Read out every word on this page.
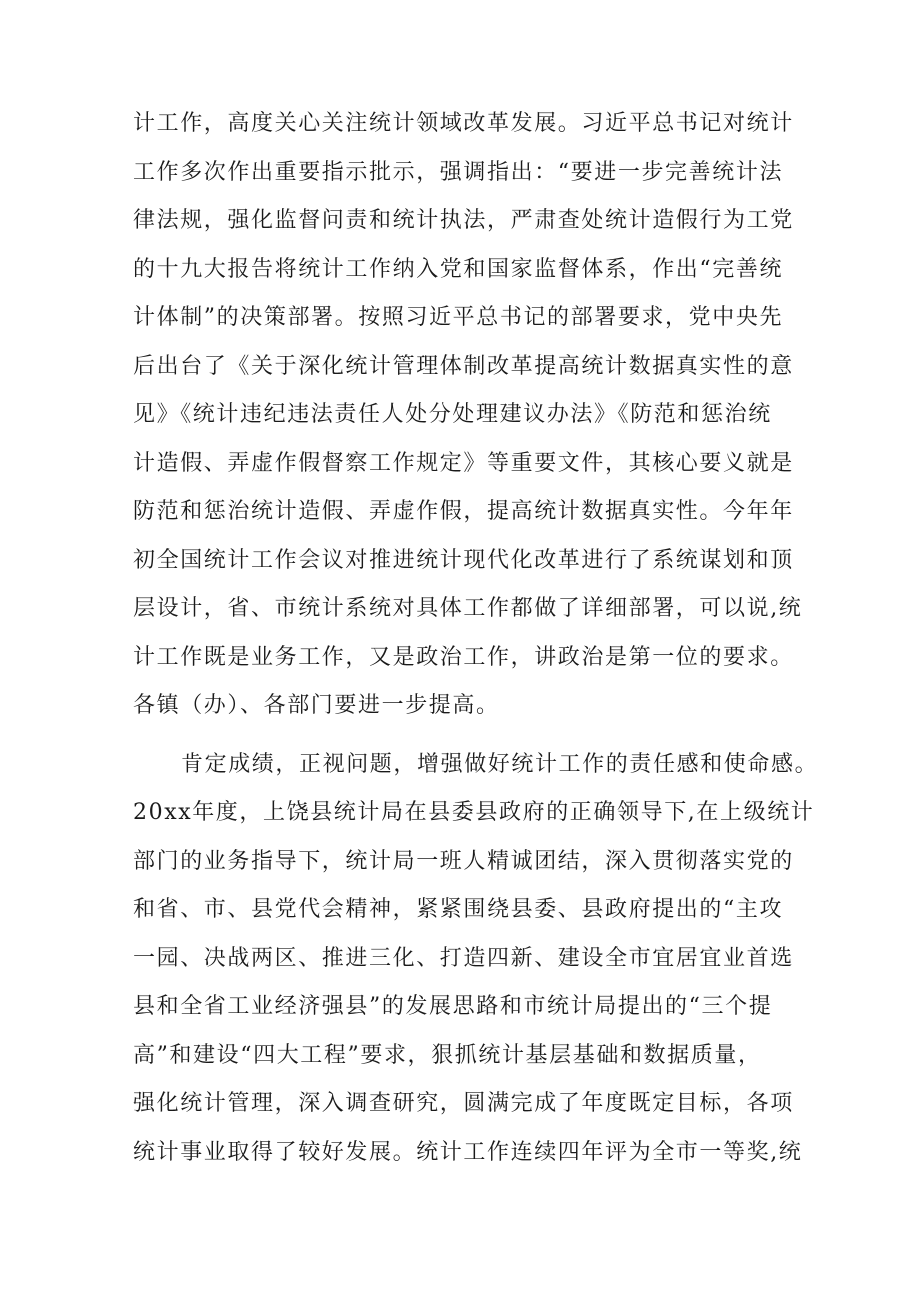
计工作，高度关心关注统计领域改革发展。习近平总书记对统计
工作多次作出重要指示批示，强调指出：“要进一步完善统计法
律法规，强化监督问责和统计执法，严肃查处统计造假行为工党
的十九大报告将统计工作纳入党和国家监督体系，作出“完善统
计体制”的决策部署。按照习近平总书记的部署要求，党中央先
后出台了《关于深化统计管理体制改革提高统计数据真实性的意
见》《统计违纪违法责任人处分处理建议办法》《防范和惩治统
计造假、弄虚作假督察工作规定》等重要文件，其核心要义就是
防范和惩治统计造假、弄虚作假，提高统计数据真实性。今年年
初全国统计工作会议对推进统计现代化改革进行了系统谋划和顶
层设计，省、市统计系统对具体工作都做了详细部署，可以说,统
计工作既是业务工作，又是政治工作，讲政治是第一位的要求。
各镇（办）、各部门要进一步提高。
肯定成绩，正视问题，增强做好统计工作的责任感和使命感。
20xx年度，上饶县统计局在县委县政府的正确领导下,在上级统计
部门的业务指导下，统计局一班人精诚团结，深入贯彻落实党的
和省、市、县党代会精神，紧紧围绕县委、县政府提出的“主攻
一园、决战两区、推进三化、打造四新、建设全市宜居宜业首选
县和全省工业经济强县”的发展思路和市统计局提出的“三个提
高”和建设“四大工程”要求，狠抓统计基层基础和数据质量，
强化统计管理，深入调查研究，圆满完成了年度既定目标，各项
统计事业取得了较好发展。统计工作连续四年评为全市一等奖,统
